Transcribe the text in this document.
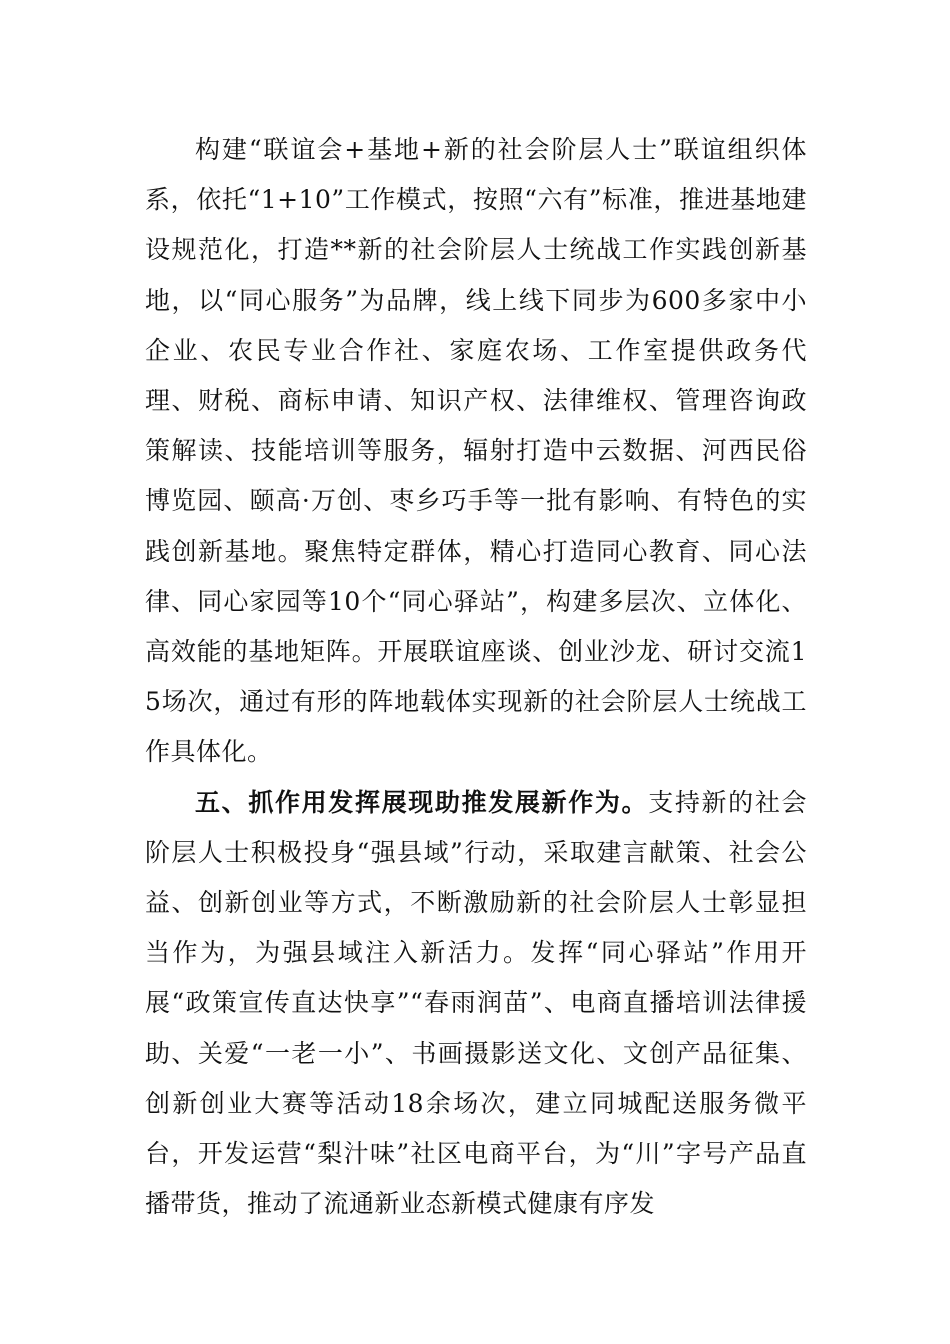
构建“联谊会+基地+新的社会阶层人士”联谊组织体系，依托“1+10”工作模式，按照“六有”标准，推进基地建设规范化，打造**新的社会阶层人士统战工作实践创新基地，以“同心服务”为品牌，线上线下同步为600多家中小企业、农民专业合作社、家庭农场、工作室提供政务代理、财税、商标申请、知识产权、法律维权、管理咨询政策解读、技能培训等服务，辐射打造中云数据、河西民俗博览园、颐高·万创、枣乡巧手等一批有影响、有特色的实践创新基地。聚焦特定群体，精心打造同心教育、同心法律、同心家园等10个“同心驿站”，构建多层次、立体化、高效能的基地矩阵。开展联谊座谈、创业沙龙、研讨交流15场次，通过有形的阵地载体实现新的社会阶层人士统战工作具体化。

五、抓作用发挥展现助推发展新作为。支持新的社会阶层人士积极投身“强县域”行动，采取建言献策、社会公益、创新创业等方式，不断激励新的社会阶层人士彰显担当作为，为强县域注入新活力。发挥“同心驿站”作用开展“政策宣传直达快享”“春雨润苗”、电商直播培训法律援助、关爱“一老一小”、书画摄影送文化、文创产品征集、创新创业大赛等活动18余场次，建立同城配送服务微平台，开发运营“梨汁味”社区电商平台，为“川”字号产品直播带货，推动了流通新业态新模式健康有序发
